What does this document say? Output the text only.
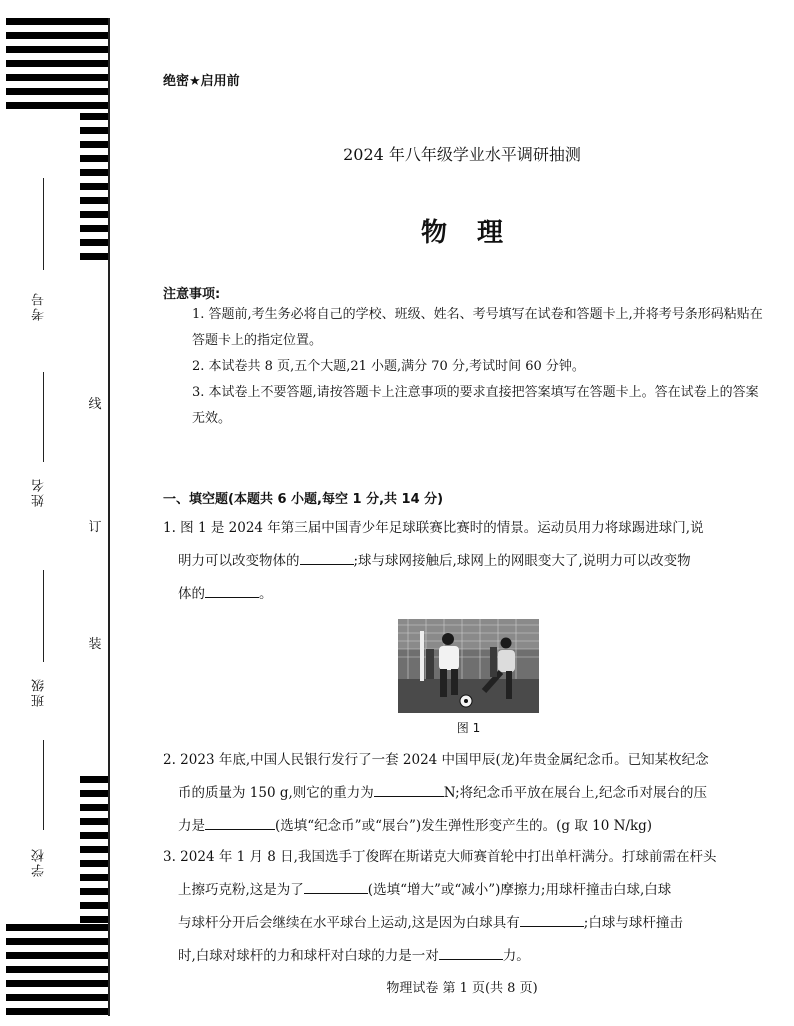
考号
姓名
班级
学校
线
订
装
绝密★启用前
2024 年八年级学业水平调研抽测
物理
注意事项:
1. 答题前,考生务必将自己的学校、班级、姓名、考号填写在试卷和答题卡上,并将考号条形码粘贴在答题卡上的指定位置。
2. 本试卷共 8 页,五个大题,21 小题,满分 70 分,考试时间 60 分钟。
3. 本试卷上不要答题,请按答题卡上注意事项的要求直接把答案填写在答题卡上。答在试卷上的答案无效。
一、填空题(本题共 6 小题,每空 1 分,共 14 分)

1. 图 1 是 2024 年第三届中国青少年足球联赛比赛时的情景。运动员用力将球踢进球门,说
明力可以改变物体的	;球与球网接触后,球网上的网眼变大了,说明力可以改变物
体的	。

图 1

2. 2023 年底,中国人民银行发行了一套 2024 中国甲辰(龙)年贵金属纪念币。已知某枚纪念
币的质量为 150 g,则它的重力为	N;将纪念币平放在展台上,纪念币对展台的压
力是	(选填“纪念币”或“展台”)发生弹性形变产生的。(g 取 10 N/kg)

3. 2024 年 1 月 8 日,我国选手丁俊晖在斯诺克大师赛首轮中打出单杆满分。打球前需在杆头
上擦巧克粉,这是为了	(选填“增大”或“减小”)摩擦力;用球杆撞击白球,白球
与球杆分开后会继续在水平球台上运动,这是因为白球具有	;白球与球杆撞击
时,白球对球杆的力和球杆对白球的力是一对	力。

物理试卷 第 1 页(共 8 页)
